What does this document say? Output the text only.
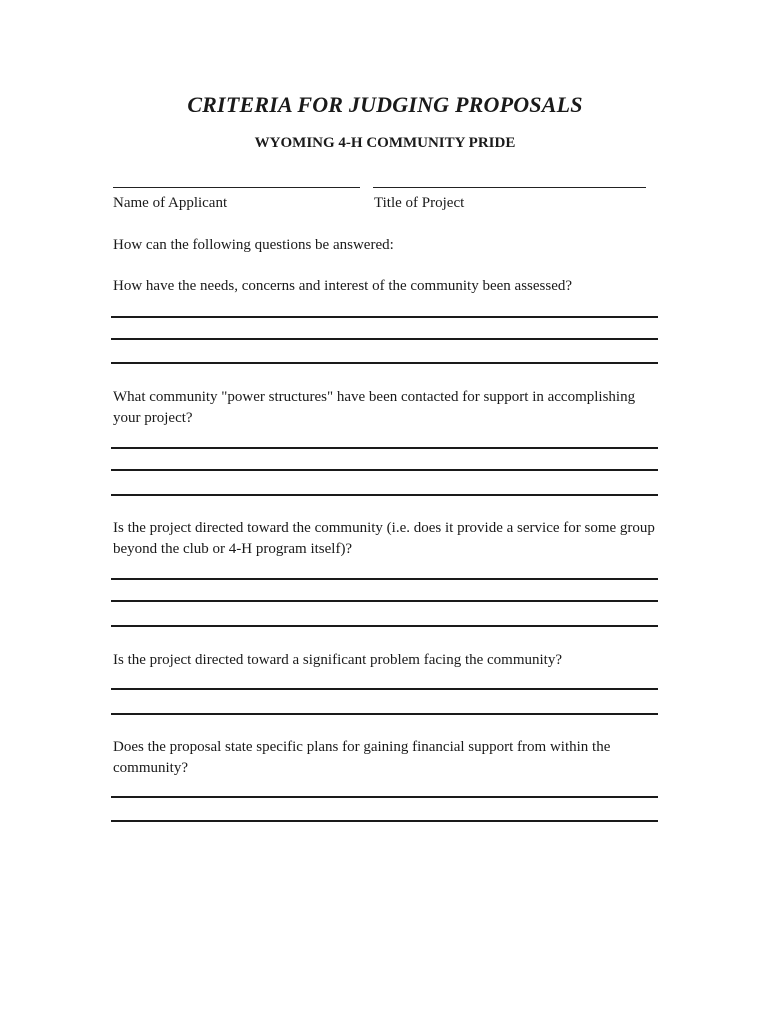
CRITERIA FOR JUDGING PROPOSALS
WYOMING 4-H COMMUNITY PRIDE
Name of Applicant	Title of Project
How can the following questions be answered:
How have the needs, concerns and interest of the community been assessed?
What community "power structures" have been contacted for support in accomplishing your project?
Is the project directed toward the community (i.e. does it provide a service for some group beyond the club or 4-H program itself)?
Is the project directed toward a significant problem facing the community?
Does the proposal state specific plans for gaining financial support from within the community?
